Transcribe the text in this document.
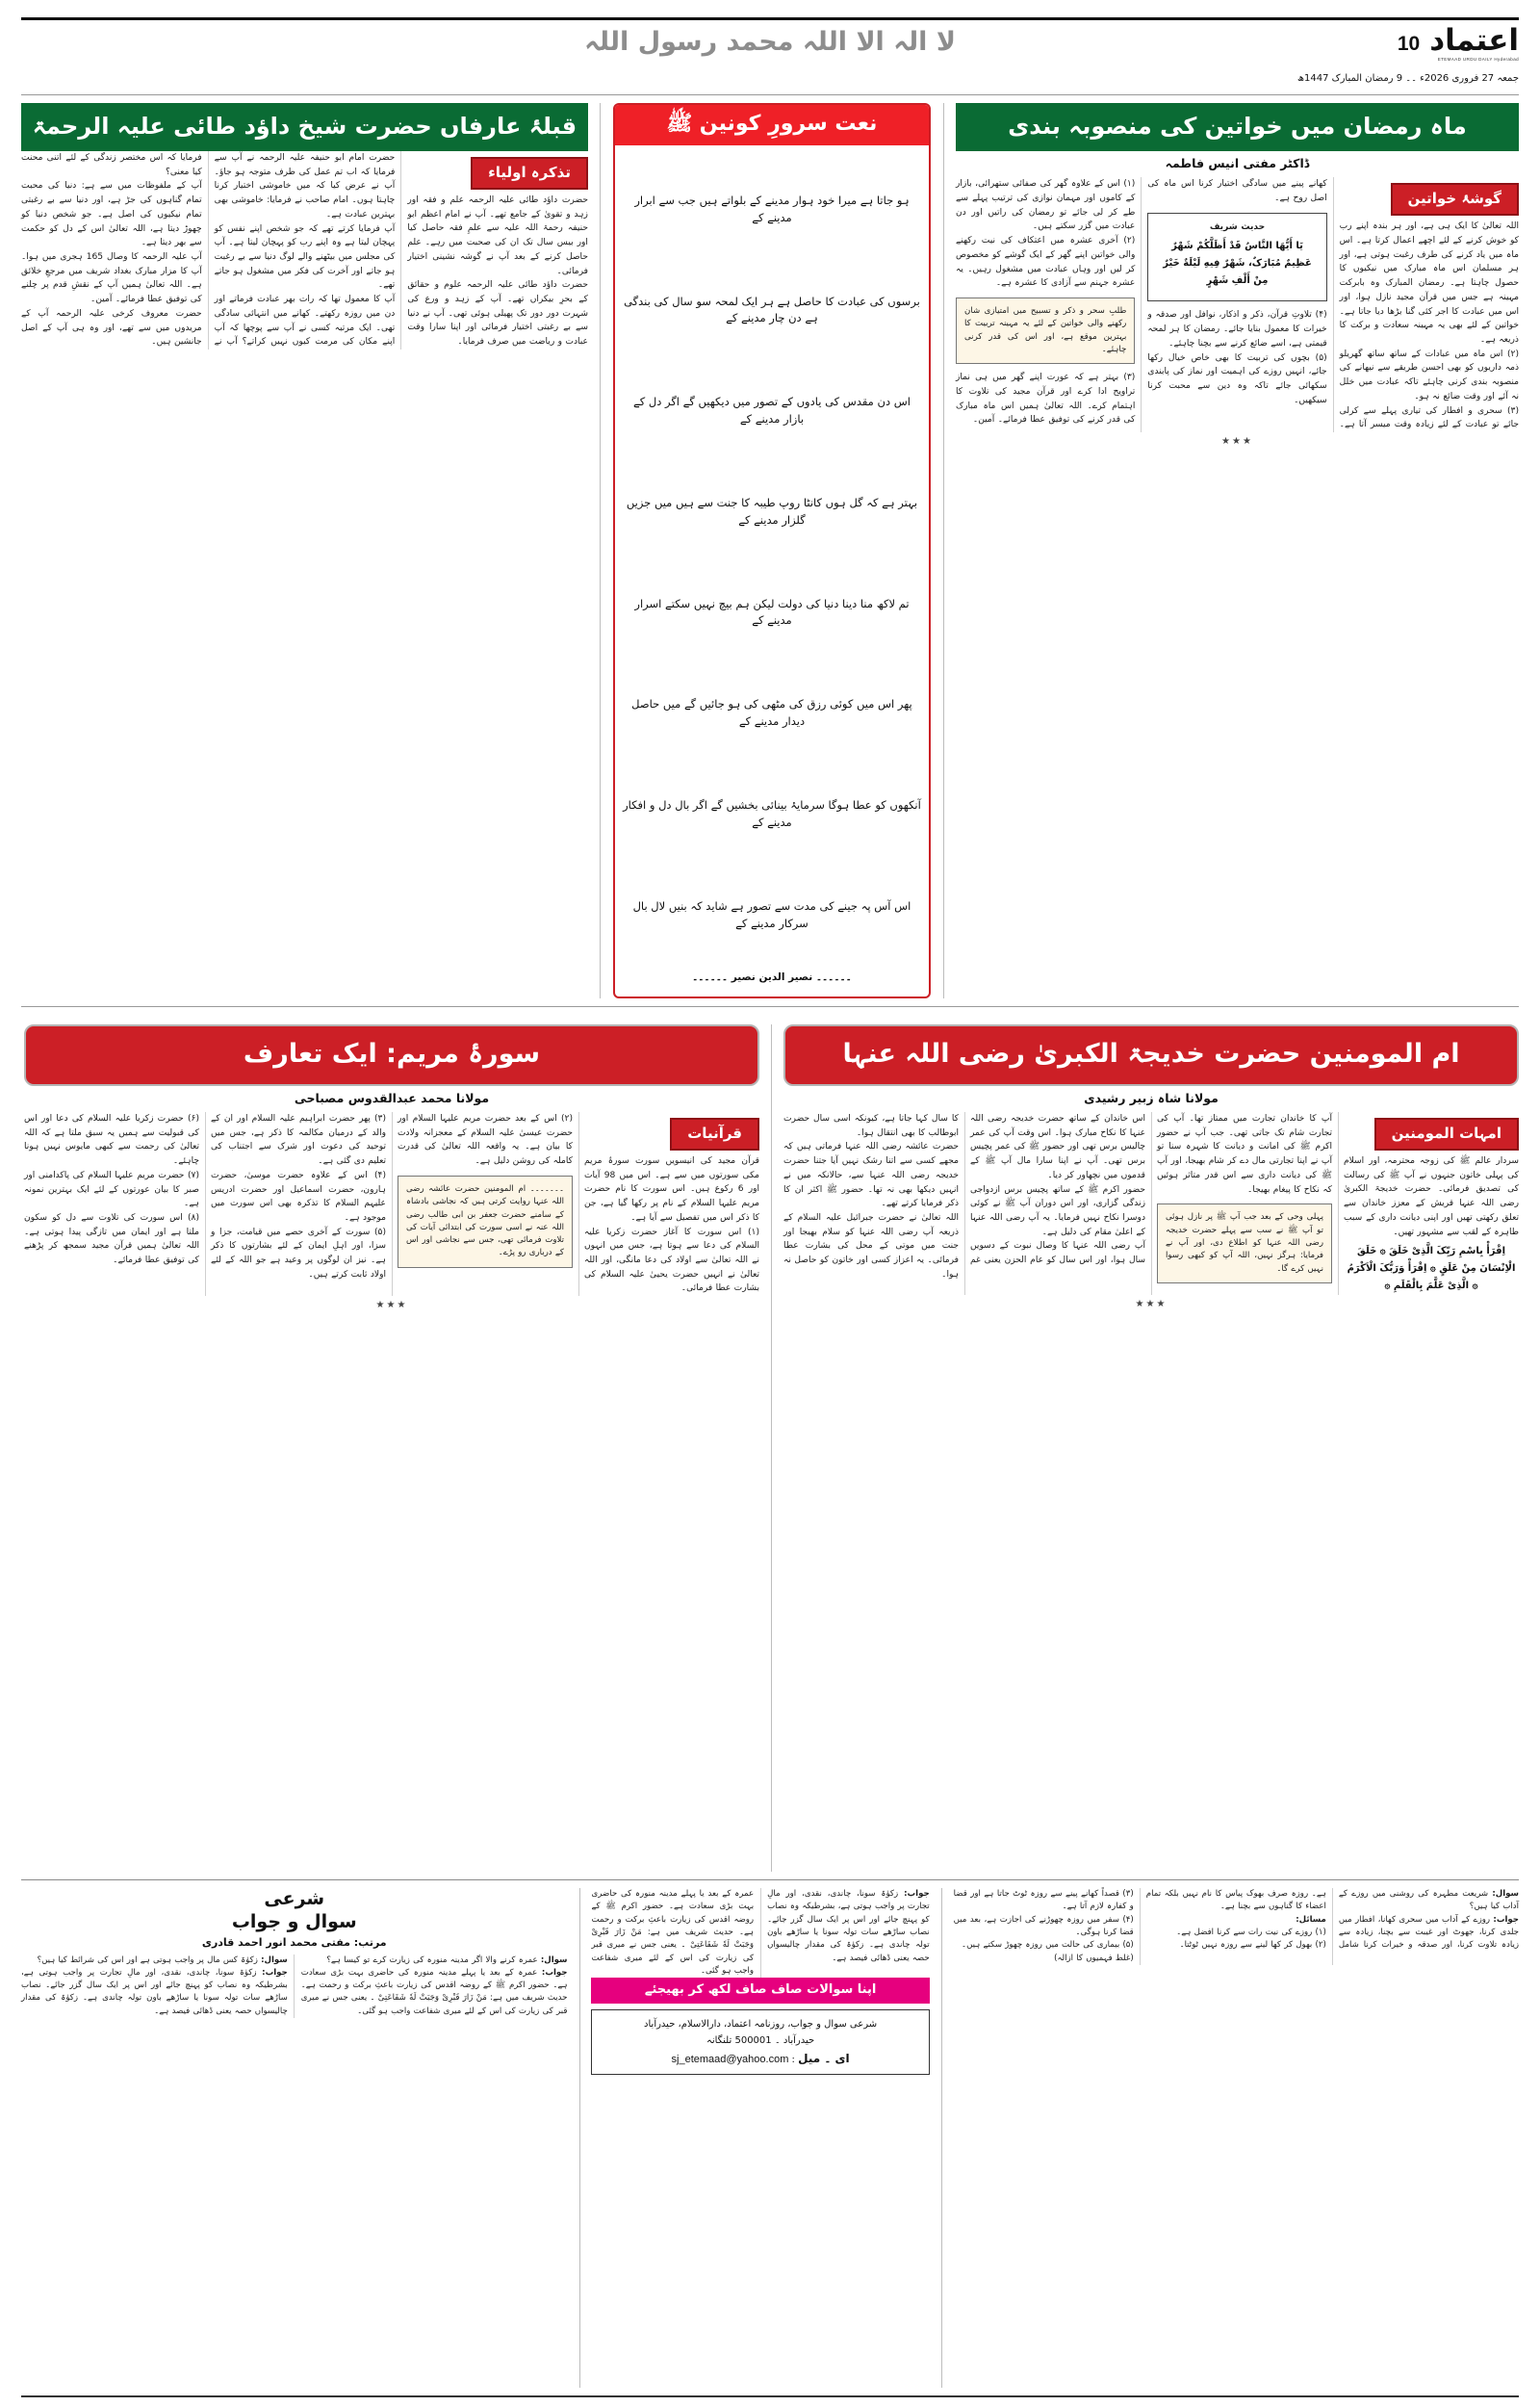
اعتماد
ETEMAAD URDU DAILY Hyderabad
10
جمعہ 27 فروری 2026ء ۔۔ 9 رمضان المبارک 1447ھ
لا الہ الا اللہ محمد رسول اللہ
ماہ رمضان میں خواتین کی منصوبہ بندی
ڈاکٹر مفتی انیس فاطمہ
گوشۂ خواتین

اللہ تعالیٰ کا ایک ہی ہے، اور ہر بندہ اپنے رب کو خوش کرنے کے لئے اچھے اعمال کرتا ہے۔ اس ماہ میں یاد کرنے کی طرف رغبت ہوتی ہے، اور ہر مسلمان اس ماہ مبارک میں نیکیوں کا حصول چاہتا ہے۔ رمضان المبارک وہ بابرکت مہینہ ہے جس میں قرآن مجید نازل ہوا، اور اس میں عبادت کا اجر کئی گنا بڑھا دیا جاتا ہے۔ خواتین کے لئے بھی یہ مہینہ سعادت و برکت کا ذریعہ ہے۔

(۲) اس ماہ میں عبادات کے ساتھ ساتھ گھریلو ذمہ داریوں کو بھی احسن طریقے سے نبھانے کی منصوبہ بندی کرنی چاہئے تاکہ عبادت میں خلل نہ آئے اور وقت ضائع نہ ہو۔

(۳) سحری و افطار کی تیاری پہلے سے کرلی جائے تو عبادت کے لئے زیادہ وقت میسر آتا ہے۔ کھانے پینے میں سادگی اختیار کرنا اس ماہ کی اصل روح ہے۔

حدیث شریف
یَا أَیُّهَا النَّاسُ قَدْ أَظَلَّکُمْ شَهْرٌ عَظِیمٌ مُبَارَکٌ، شَهْرٌ فِیهِ لَیْلَةٌ خَیْرٌ مِنْ أَلْفِ شَهْرٍ

(۴) تلاوتِ قرآن، ذکر و اذکار، نوافل اور صدقہ و خیرات کا معمول بنایا جائے۔ رمضان کا ہر لمحہ قیمتی ہے، اسے ضائع کرنے سے بچنا چاہئے۔

(۵) بچوں کی تربیت کا بھی خاص خیال رکھا جائے، انہیں روزے کی اہمیت اور نماز کی پابندی سکھائی جائے تاکہ وہ دین سے محبت کرنا سیکھیں۔

(۱) اس کے علاوہ گھر کی صفائی ستھرائی، بازار کے کاموں اور مہمان نوازی کی ترتیب پہلے سے طے کر لی جائے تو رمضان کی راتیں اور دن عبادت میں گزر سکتے ہیں۔

(۲) آخری عشرہ میں اعتکاف کی نیت رکھنے والی خواتین اپنے گھر کے ایک گوشے کو مخصوص کر لیں اور وہاں عبادت میں مشغول رہیں۔ یہ عشرہ جہنم سے آزادی کا عشرہ ہے۔

طلبِ سحر و ذکر و تسبیح میں امتیازی شان رکھنے والی خواتین کے لئے یہ مہینہ تربیت کا بہترین موقع ہے، اور اس کی قدر کرنی چاہئے۔

(۳) بہتر ہے کہ عورت اپنے گھر میں ہی نماز تراویح ادا کرے اور قرآن مجید کی تلاوت کا اہتمام کرے۔ اللہ تعالیٰ ہمیں اس ماہ مبارک کی قدر کرنے کی توفیق عطا فرمائے۔ آمین۔

★★★
نعت سرورِ کونین ﷺ

ہو جاتا ہے میرا خود ہوار مدینے کے بلواتے ہیں جب سے ابرار مدینے کے

برسوں کی عبادت کا حاصل ہے ہر ایک لمحہ سو سال کی بندگی ہے دن چار مدینے کے

اس دن مقدس کی یادوں کے تصور میں دیکھیں گے اگر دل کے بازار مدینے کے

بہتر ہے کہ گل ہوں کانٹا روپ طیبہ کا جنت سے ہیں میں جزیں گلزار مدینے کے

تم لاکھ منا دینا دنیا کی دولت لیکن ہم بیچ نہیں سکتے اسرار مدینے کے

پھر اس میں کوئی رزق کی مٹھی کی ہو جائیں گے میں حاصل دیدار مدینے کے

آنکھوں کو عطا ہوگا سرمایۂ بینائی بخشیں گے اگر بال دل و افکار مدینے کے

اس آس پہ جینے کی مدت سے تصور ہے شاید کہ بنیں لال بال سرکار مدینے کے

۔۔۔۔۔۔ نصیر الدین نصیر ۔۔۔۔۔۔
قبلۂ عارفاں حضرت شیخ داؤد طائی علیہ الرحمۃ
تذکرہ اولیاء

حضرت داؤد طائی علیہ الرحمہ علم و فقہ اور زہد و تقویٰ کے جامع تھے۔ آپ نے امام اعظم ابو حنیفہ رحمۃ اللہ علیہ سے علمِ فقہ حاصل کیا اور بیس سال تک ان کی صحبت میں رہے۔ علم حاصل کرنے کے بعد آپ نے گوشہ نشینی اختیار فرمائی۔

حضرت داؤد طائی علیہ الرحمہ علوم و حقائق کے بحرِ بیکراں تھے۔ آپ کے زہد و ورع کی شہرت دور دور تک پھیلی ہوئی تھی۔ آپ نے دنیا سے بے رغبتی اختیار فرمائی اور اپنا سارا وقت عبادت و ریاضت میں صرف فرمایا۔

حضرت امام ابو حنیفہ علیہ الرحمہ نے آپ سے فرمایا کہ اب تم عمل کی طرف متوجہ ہو جاؤ۔ آپ نے عرض کیا کہ میں خاموشی اختیار کرنا چاہتا ہوں۔ امام صاحب نے فرمایا: خاموشی بھی بہترین عبادت ہے۔

آپ فرمایا کرتے تھے کہ جو شخص اپنے نفس کو پہچان لیتا ہے وہ اپنے رب کو پہچان لیتا ہے۔ آپ کی مجلس میں بیٹھنے والے لوگ دنیا سے بے رغبت ہو جاتے اور آخرت کی فکر میں مشغول ہو جاتے تھے۔

آپ کا معمول تھا کہ رات بھر عبادت فرماتے اور دن میں روزہ رکھتے۔ کھانے میں انتہائی سادگی تھی۔ ایک مرتبہ کسی نے آپ سے پوچھا کہ آپ اپنے مکان کی مرمت کیوں نہیں کراتے؟ آپ نے فرمایا کہ اس مختصر زندگی کے لئے اتنی محنت کیا معنی؟

آپ کے ملفوظات میں سے ہے: دنیا کی محبت تمام گناہوں کی جڑ ہے، اور دنیا سے بے رغبتی تمام نیکیوں کی اصل ہے۔ جو شخص دنیا کو چھوڑ دیتا ہے، اللہ تعالیٰ اس کے دل کو حکمت سے بھر دیتا ہے۔

آپ علیہ الرحمہ کا وصال 165 ہجری میں ہوا۔ آپ کا مزار مبارک بغداد شریف میں مرجعِ خلائق ہے۔ اللہ تعالیٰ ہمیں آپ کے نقشِ قدم پر چلنے کی توفیق عطا فرمائے۔ آمین۔

حضرت معروف کرخی علیہ الرحمہ آپ کے مریدوں میں سے تھے، اور وہ ہی آپ کے اصل جانشین ہیں۔

ام المومنین حضرت خدیجۃ الکبریٰ رضی اللہ عنہا
مولانا شاہ زبیر رشیدی
امہات المومنین

سردار عالم ﷺ کی زوجہ محترمہ، اور اسلام کی پہلی خاتون جنہوں نے آپ ﷺ کی رسالت کی تصدیق فرمائی۔ حضرت خدیجۃ الکبریٰ رضی اللہ عنہا قریش کے معزز خاندان سے تعلق رکھتی تھیں اور اپنی دیانت داری کے سبب طاہرہ کے لقب سے مشہور تھیں۔

اِقْرَأْ بِاسْمِ رَبِّکَ الَّذِیْ خَلَقَ ۞ خَلَقَ الْاِنْسَانَ مِنْ عَلَقٍ ۞ اِقْرَأْ وَرَبُّکَ الْاَکْرَمُ ۞ الَّذِیْ عَلَّمَ بِالْقَلَمِ ۞

آپ کا خاندان تجارت میں ممتاز تھا۔ آپ کی تجارت شام تک جاتی تھی۔ جب آپ نے حضور اکرم ﷺ کی امانت و دیانت کا شہرہ سنا تو آپ نے اپنا تجارتی مال دے کر شام بھیجا، اور آپ ﷺ کی دیانت داری سے اس قدر متاثر ہوئیں کہ نکاح کا پیغام بھیجا۔

پہلی وحی کے بعد جب آپ ﷺ پر نازل ہوئی تو آپ ﷺ نے سب سے پہلے حضرت خدیجہ رضی اللہ عنہا کو اطلاع دی، اور آپ نے فرمایا: ہرگز نہیں، اللہ آپ کو کبھی رسوا نہیں کرے گا۔

اس خاندان کے ساتھ حضرت خدیجہ رضی اللہ عنہا کا نکاح مبارک ہوا۔ اس وقت آپ کی عمر چالیس برس تھی اور حضور ﷺ کی عمر پچیس برس تھی۔ آپ نے اپنا سارا مال آپ ﷺ کے قدموں میں نچھاور کر دیا۔

حضور اکرم ﷺ کے ساتھ پچیس برس ازدواجی زندگی گزاری، اور اس دوران آپ ﷺ نے کوئی دوسرا نکاح نہیں فرمایا۔ یہ آپ رضی اللہ عنہا کے اعلیٰ مقام کی دلیل ہے۔

آپ رضی اللہ عنہا کا وصال نبوت کے دسویں سال ہوا، اور اس سال کو عام الحزن یعنی غم کا سال کہا جاتا ہے، کیونکہ اسی سال حضرت ابوطالب کا بھی انتقال ہوا۔

حضرت عائشہ رضی اللہ عنہا فرماتی ہیں کہ مجھے کسی سے اتنا رشک نہیں آیا جتنا حضرت خدیجہ رضی اللہ عنہا سے، حالانکہ میں نے انہیں دیکھا بھی نہ تھا۔ حضور ﷺ اکثر ان کا ذکر فرمایا کرتے تھے۔

اللہ تعالیٰ نے حضرت جبرائیل علیہ السلام کے ذریعہ آپ رضی اللہ عنہا کو سلام بھیجا اور جنت میں موتی کے محل کی بشارت عطا فرمائی۔ یہ اعزاز کسی اور خاتون کو حاصل نہ ہوا۔

★★★
سورۂ مریم: ایک تعارف
مولانا محمد عبدالقدوس مصباحی
قرآنیات

قرآن مجید کی انیسویں سورت سورۂ مریم مکی سورتوں میں سے ہے۔ اس میں 98 آیات اور 6 رکوع ہیں۔ اس سورت کا نام حضرت مریم علیہا السلام کے نام پر رکھا گیا ہے، جن کا ذکر اس میں تفصیل سے آیا ہے۔

(۱) اس سورت کا آغاز حضرت زکریا علیہ السلام کی دعا سے ہوتا ہے، جس میں انہوں نے اللہ تعالیٰ سے اولاد کی دعا مانگی، اور اللہ تعالیٰ نے انہیں حضرت یحییٰ علیہ السلام کی بشارت عطا فرمائی۔

(۲) اس کے بعد حضرت مریم علیہا السلام اور حضرت عیسیٰ علیہ السلام کے معجزانہ ولادت کا بیان ہے۔ یہ واقعہ اللہ تعالیٰ کی قدرت کاملہ کی روشن دلیل ہے۔

۔۔۔۔۔۔۔ ام المومنین حضرت عائشہ رضی اللہ عنہا روایت کرتی ہیں کہ نجاشی بادشاہ کے سامنے حضرت جعفر بن ابی طالب رضی اللہ عنہ نے اسی سورت کی ابتدائی آیات کی تلاوت فرمائی تھی، جس سے نجاشی اور اس کے درباری رو پڑے۔

(۳) پھر حضرت ابراہیم علیہ السلام اور ان کے والد کے درمیان مکالمہ کا ذکر ہے، جس میں توحید کی دعوت اور شرک سے اجتناب کی تعلیم دی گئی ہے۔

(۴) اس کے علاوہ حضرت موسیٰ، حضرت ہارون، حضرت اسماعیل اور حضرت ادریس علیہم السلام کا تذکرہ بھی اس سورت میں موجود ہے۔

(۵) سورت کے آخری حصے میں قیامت، جزا و سزا، اور اہلِ ایمان کے لئے بشارتوں کا ذکر ہے۔ نیز ان لوگوں پر وعید ہے جو اللہ کے لئے اولاد ثابت کرتے ہیں۔

(۶) حضرت زکریا علیہ السلام کی دعا اور اس کی قبولیت سے ہمیں یہ سبق ملتا ہے کہ اللہ تعالیٰ کی رحمت سے کبھی مایوس نہیں ہونا چاہئے۔

(۷) حضرت مریم علیہا السلام کی پاکدامنی اور صبر کا بیان عورتوں کے لئے ایک بہترین نمونہ ہے۔

(۸) اس سورت کی تلاوت سے دل کو سکون ملتا ہے اور ایمان میں تازگی پیدا ہوتی ہے۔ اللہ تعالیٰ ہمیں قرآن مجید سمجھ کر پڑھنے کی توفیق عطا فرمائے۔

★★★

سوال: شریعت مطہرہ کی روشنی میں روزے کے آداب کیا ہیں؟

جواب: روزے کے آداب میں سحری کھانا، افطار میں جلدی کرنا، جھوٹ اور غیبت سے بچنا، زیادہ سے زیادہ تلاوت کرنا، اور صدقہ و خیرات کرنا شامل ہے۔ روزہ صرف بھوک پیاس کا نام نہیں بلکہ تمام اعضاء کا گناہوں سے بچنا ہے۔

مسائل:

(۱) روزے کی نیت رات سے کرنا افضل ہے۔

(۲) بھول کر کھا لینے سے روزہ نہیں ٹوٹتا۔

(۳) قصداً کھانے پینے سے روزہ ٹوٹ جاتا ہے اور قضا و کفارہ لازم آتا ہے۔

(۴) سفر میں روزہ چھوڑنے کی اجازت ہے، بعد میں قضا کرنا ہوگی۔

(۵) بیماری کی حالت میں روزہ چھوڑ سکتے ہیں۔

(غلط فہمیوں کا ازالہ)

جواب: زکوٰۃ سونا، چاندی، نقدی، اور مالِ تجارت پر واجب ہوتی ہے، بشرطیکہ وہ نصاب کو پہنچ جائے اور اس پر ایک سال گزر جائے۔ نصاب ساڑھے سات تولہ سونا یا ساڑھے باون تولہ چاندی ہے۔ زکوٰۃ کی مقدار چالیسواں حصہ یعنی ڈھائی فیصد ہے۔

عمرہ کے بعد یا پہلے مدینہ منورہ کی حاضری بہت بڑی سعادت ہے۔ حضور اکرم ﷺ کے روضہ اقدس کی زیارت باعثِ برکت و رحمت ہے۔ حدیث شریف میں ہے: مَنْ زَارَ قَبْرِیْ وَجَبَتْ لَهٗ شَفَاعَتِیْ ۔ یعنی جس نے میری قبر کی زیارت کی اس کے لئے میری شفاعت واجب ہو گئی۔

اپنا سوالات صاف صاف لکھ کر بھیجئے
شرعی سوال و جواب، روزنامہ اعتماد، دارالاسلام، حیدرآباد
حیدرآباد ۔ 500001 تلنگانہ
ای ۔ میل : sj_etemaad@yahoo.com
شرعی
سوال و جواب
مرتب: مفتی محمد انور احمد قادری

سوال: عمرہ کرنے والا اگر مدینہ منورہ کی زیارت کرے تو کیسا ہے؟

جواب: عمرہ کے بعد یا پہلے مدینہ منورہ کی حاضری بہت بڑی سعادت ہے۔ حضور اکرم ﷺ کے روضہ اقدس کی زیارت باعثِ برکت و رحمت ہے۔ حدیث شریف میں ہے: مَنْ زَارَ قَبْرِیْ وَجَبَتْ لَهٗ شَفَاعَتِیْ ۔ یعنی جس نے میری قبر کی زیارت کی اس کے لئے میری شفاعت واجب ہو گئی۔

سوال: زکوٰۃ کس مال پر واجب ہوتی ہے اور اس کی شرائط کیا ہیں؟

جواب: زکوٰۃ سونا، چاندی، نقدی، اور مالِ تجارت پر واجب ہوتی ہے، بشرطیکہ وہ نصاب کو پہنچ جائے اور اس پر ایک سال گزر جائے۔ نصاب ساڑھے سات تولہ سونا یا ساڑھے باون تولہ چاندی ہے۔ زکوٰۃ کی مقدار چالیسواں حصہ یعنی ڈھائی فیصد ہے۔
